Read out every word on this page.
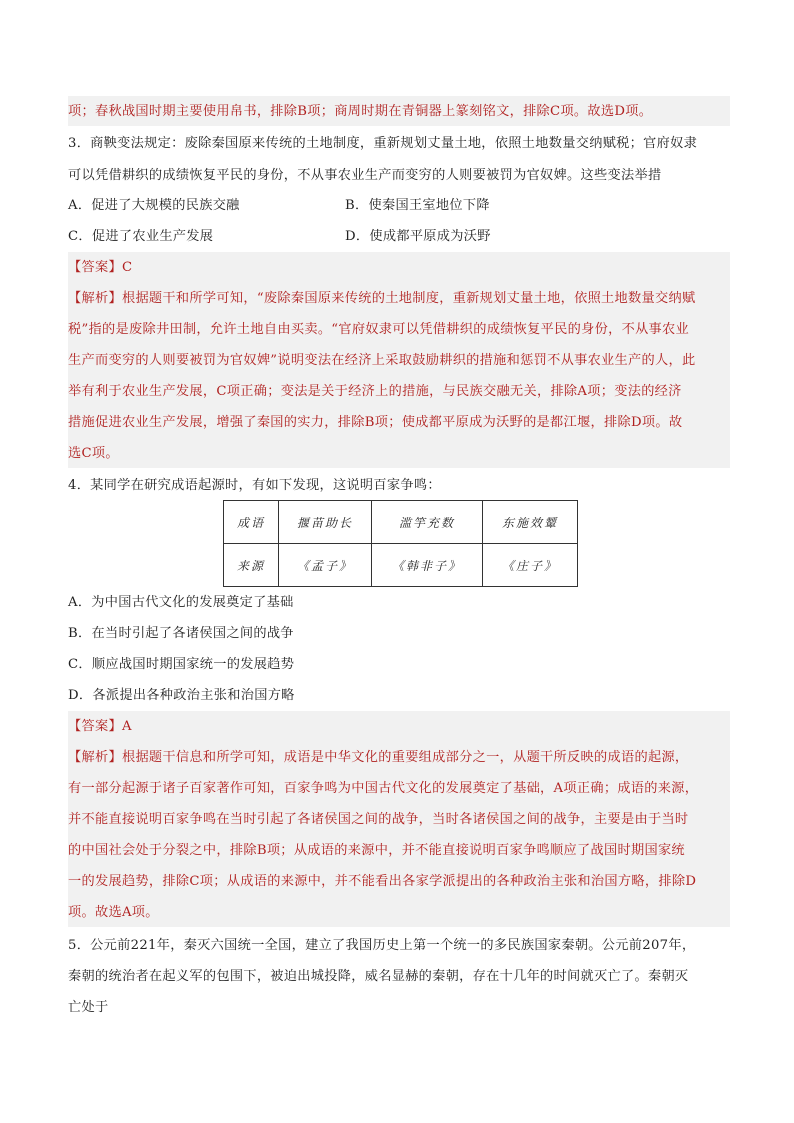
项；春秋战国时期主要使用帛书，排除B项；商周时期在青铜器上篆刻铭文，排除C项。故选D项。
3．商鞅变法规定：废除秦国原来传统的土地制度，重新规划丈量土地，依照土地数量交纳赋税；官府奴隶
可以凭借耕织的成绩恢复平民的身份，不从事农业生产而变穷的人则要被罚为官奴婢。这些变法举措
A．促进了大规模的民族交融	B．使秦国王室地位下降
C．促进了农业生产发展	D．使成都平原成为沃野
【答案】C
【解析】根据题干和所学可知，“废除秦国原来传统的土地制度，重新规划丈量土地，依照土地数量交纳赋
税”指的是废除井田制，允许土地自由买卖。“官府奴隶可以凭借耕织的成绩恢复平民的身份，不从事农业
生产而变穷的人则要被罚为官奴婢”说明变法在经济上采取鼓励耕织的措施和惩罚不从事农业生产的人，此
举有利于农业生产发展，C项正确；变法是关于经济上的措施，与民族交融无关，排除A项；变法的经济
措施促进农业生产发展，增强了秦国的实力，排除B项；使成都平原成为沃野的是都江堰，排除D项。故
选C项。
4．某同学在研究成语起源时，有如下发现，这说明百家争鸣：
成语	揠苗助长	滥竽充数	东施效颦
来源	《孟子》	《韩非子》	《庄子》
A．为中国古代文化的发展奠定了基础
B．在当时引起了各诸侯国之间的战争
C．顺应战国时期国家统一的发展趋势
D．各派提出各种政治主张和治国方略
【答案】A
【解析】根据题干信息和所学可知，成语是中华文化的重要组成部分之一，从题干所反映的成语的起源，
有一部分起源于诸子百家著作可知，百家争鸣为中国古代文化的发展奠定了基础，A项正确；成语的来源，
并不能直接说明百家争鸣在当时引起了各诸侯国之间的战争，当时各诸侯国之间的战争，主要是由于当时
的中国社会处于分裂之中，排除B项；从成语的来源中，并不能直接说明百家争鸣顺应了战国时期国家统
一的发展趋势，排除C项；从成语的来源中，并不能看出各家学派提出的各种政治主张和治国方略，排除D
项。故选A项。
5．公元前221年，秦灭六国统一全国，建立了我国历史上第一个统一的多民族国家秦朝。公元前207年，
秦朝的统治者在起义军的包围下，被迫出城投降，威名显赫的秦朝，存在十几年的时间就灭亡了。秦朝灭
亡处于
